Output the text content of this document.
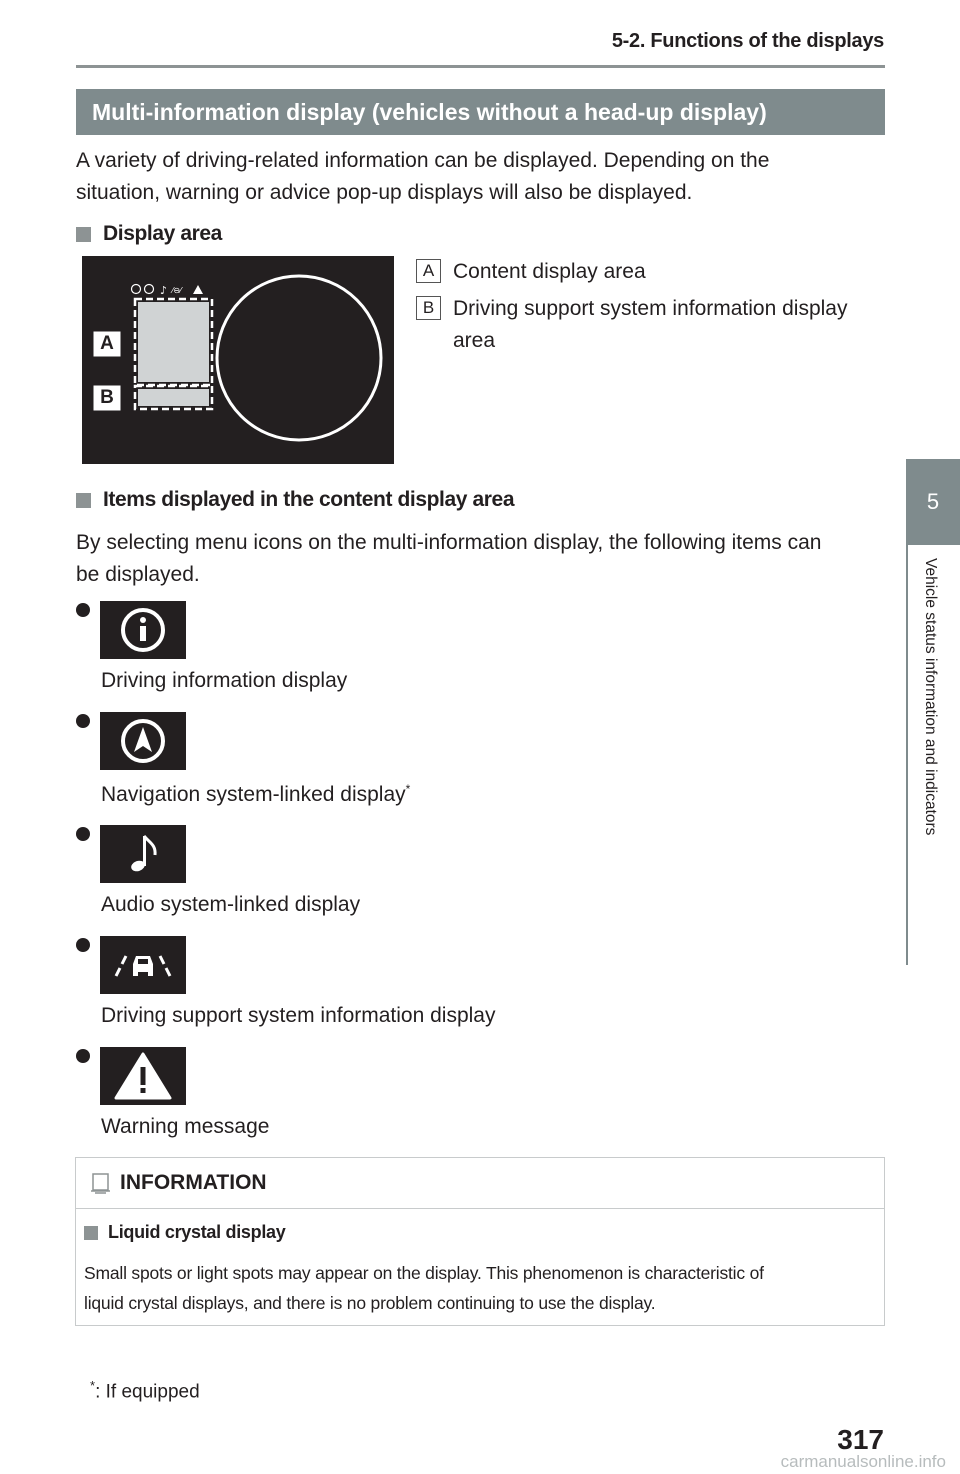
5-2. Functions of the displays
Multi-information display (vehicles without a head-up display)
A variety of driving-related information can be displayed. Depending on the
situation, warning or advice pop-up displays will also be displayed.
Display area
♪ ⁄⊖⁄
A
B
A Content display area
B Driving support system information display
area
Items displayed in the content display area
By selecting menu icons on the multi-information display, the following items can
be displayed.
Driving information display
Navigation system-linked display*
Audio system-linked display
Driving support system information display
Warning message
INFORMATION
Liquid crystal display
Small spots or light spots may appear on the display. This phenomenon is characteristic of
liquid crystal displays, and there is no problem continuing to use the display.
*: If equipped
317
5
Vehicle status information and indicators
carmanualsonline.info
